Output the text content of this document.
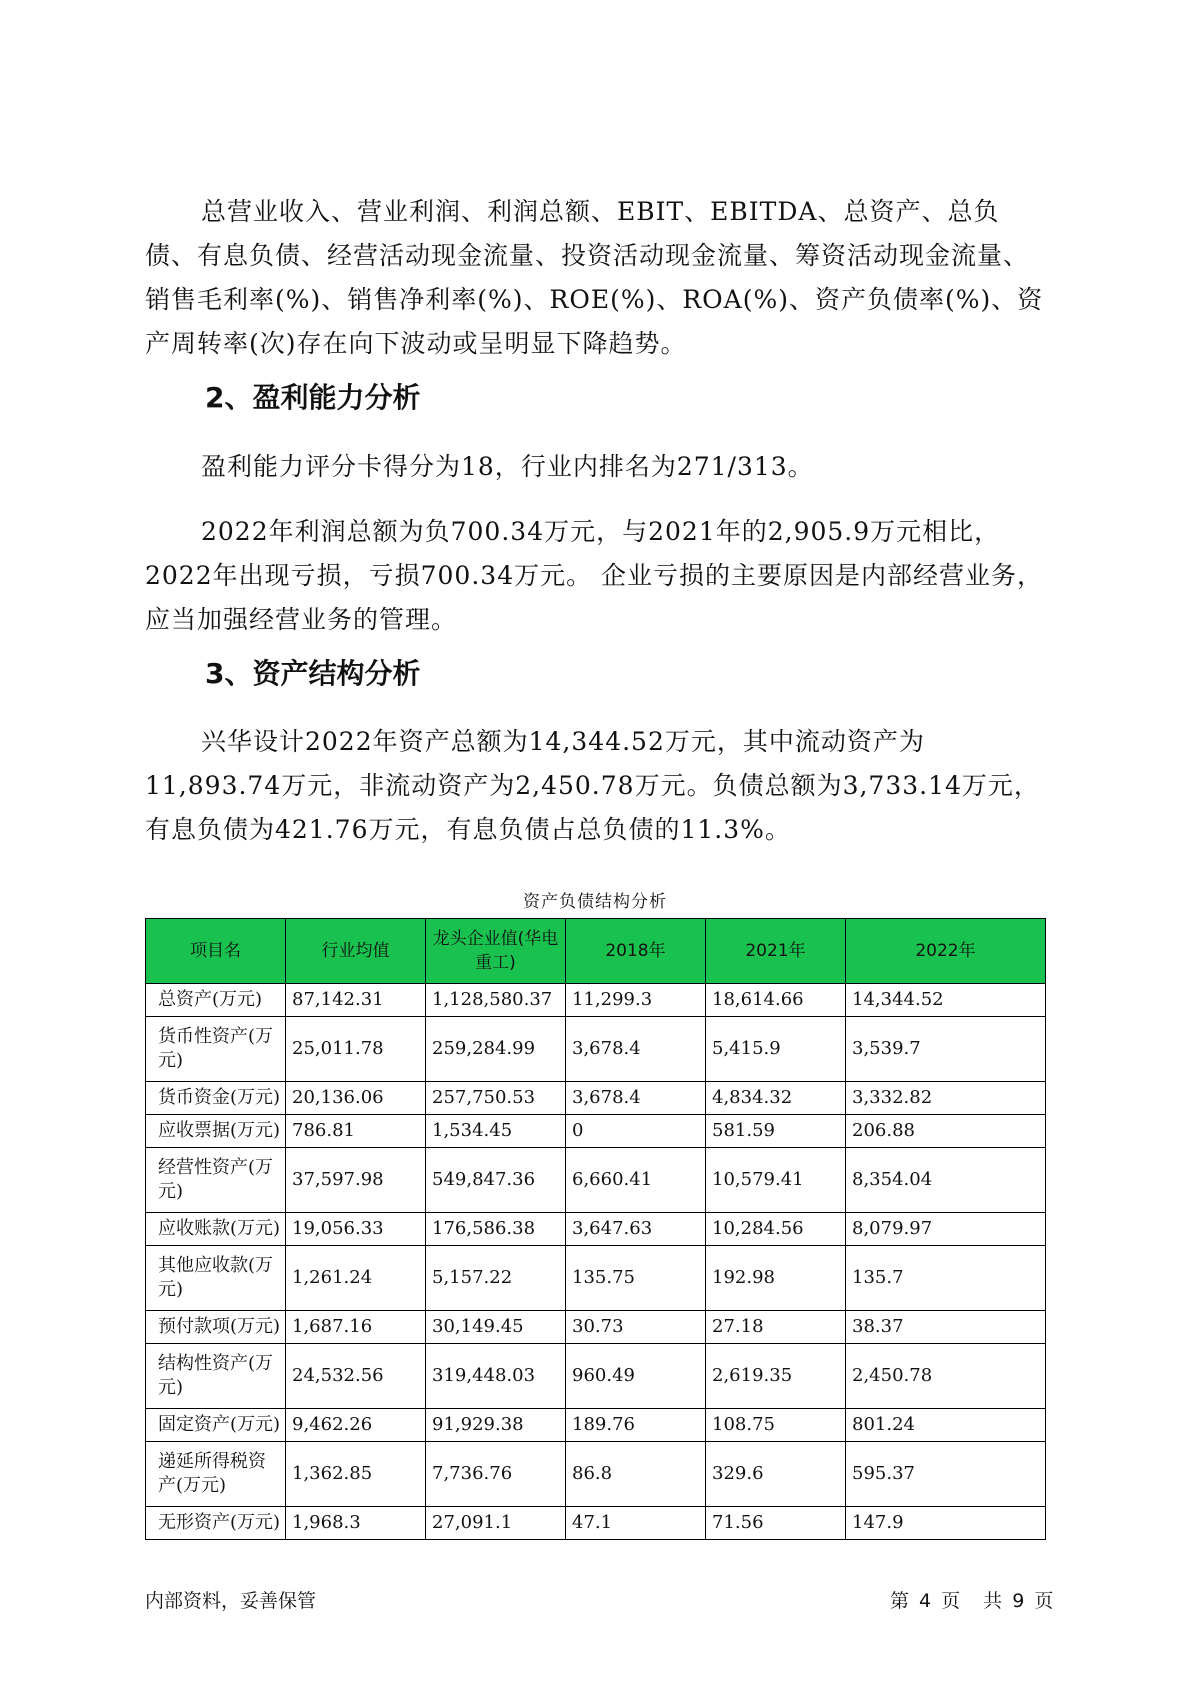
总营业收入、营业利润、利润总额、EBIT、EBITDA、总资产、总负债、有息负债、经营活动现金流量、投资活动现金流量、筹资活动现金流量、销售毛利率(%)、销售净利率(%)、ROE(%)、ROA(%)、资产负债率(%)、资产周转率(次)存在向下波动或呈明显下降趋势。
2、盈利能力分析
盈利能力评分卡得分为18，行业内排名为271/313。
2022年利润总额为负700.34万元，与2021年的2,905.9万元相比，2022年出现亏损，亏损700.34万元。 企业亏损的主要原因是内部经营业务，应当加强经营业务的管理。
3、资产结构分析
兴华设计2022年资产总额为14,344.52万元，其中流动资产为11,893.74万元，非流动资产为2,450.78万元。负债总额为3,733.14万元，有息负债为421.76万元，有息负债占总负债的11.3%。
资产负债结构分析
项目名	行业均值	龙头企业值(华电重工)	2018年	2021年	2022年
总资产(万元)	87,142.31	1,128,580.37	11,299.3	18,614.66	14,344.52
货币性资产(万元)	25,011.78	259,284.99	3,678.4	5,415.9	3,539.7
货币资金(万元)	20,136.06	257,750.53	3,678.4	4,834.32	3,332.82
应收票据(万元)	786.81	1,534.45	0	581.59	206.88
经营性资产(万元)	37,597.98	549,847.36	6,660.41	10,579.41	8,354.04
应收账款(万元)	19,056.33	176,586.38	3,647.63	10,284.56	8,079.97
其他应收款(万元)	1,261.24	5,157.22	135.75	192.98	135.7
预付款项(万元)	1,687.16	30,149.45	30.73	27.18	38.37
结构性资产(万元)	24,532.56	319,448.03	960.49	2,619.35	2,450.78
固定资产(万元)	9,462.26	91,929.38	189.76	108.75	801.24
递延所得税资产(万元)	1,362.85	7,736.76	86.8	329.6	595.37
无形资产(万元)	1,968.3	27,091.1	47.1	71.56	147.9
内部资料，妥善保管	第 4 页　共 9 页
